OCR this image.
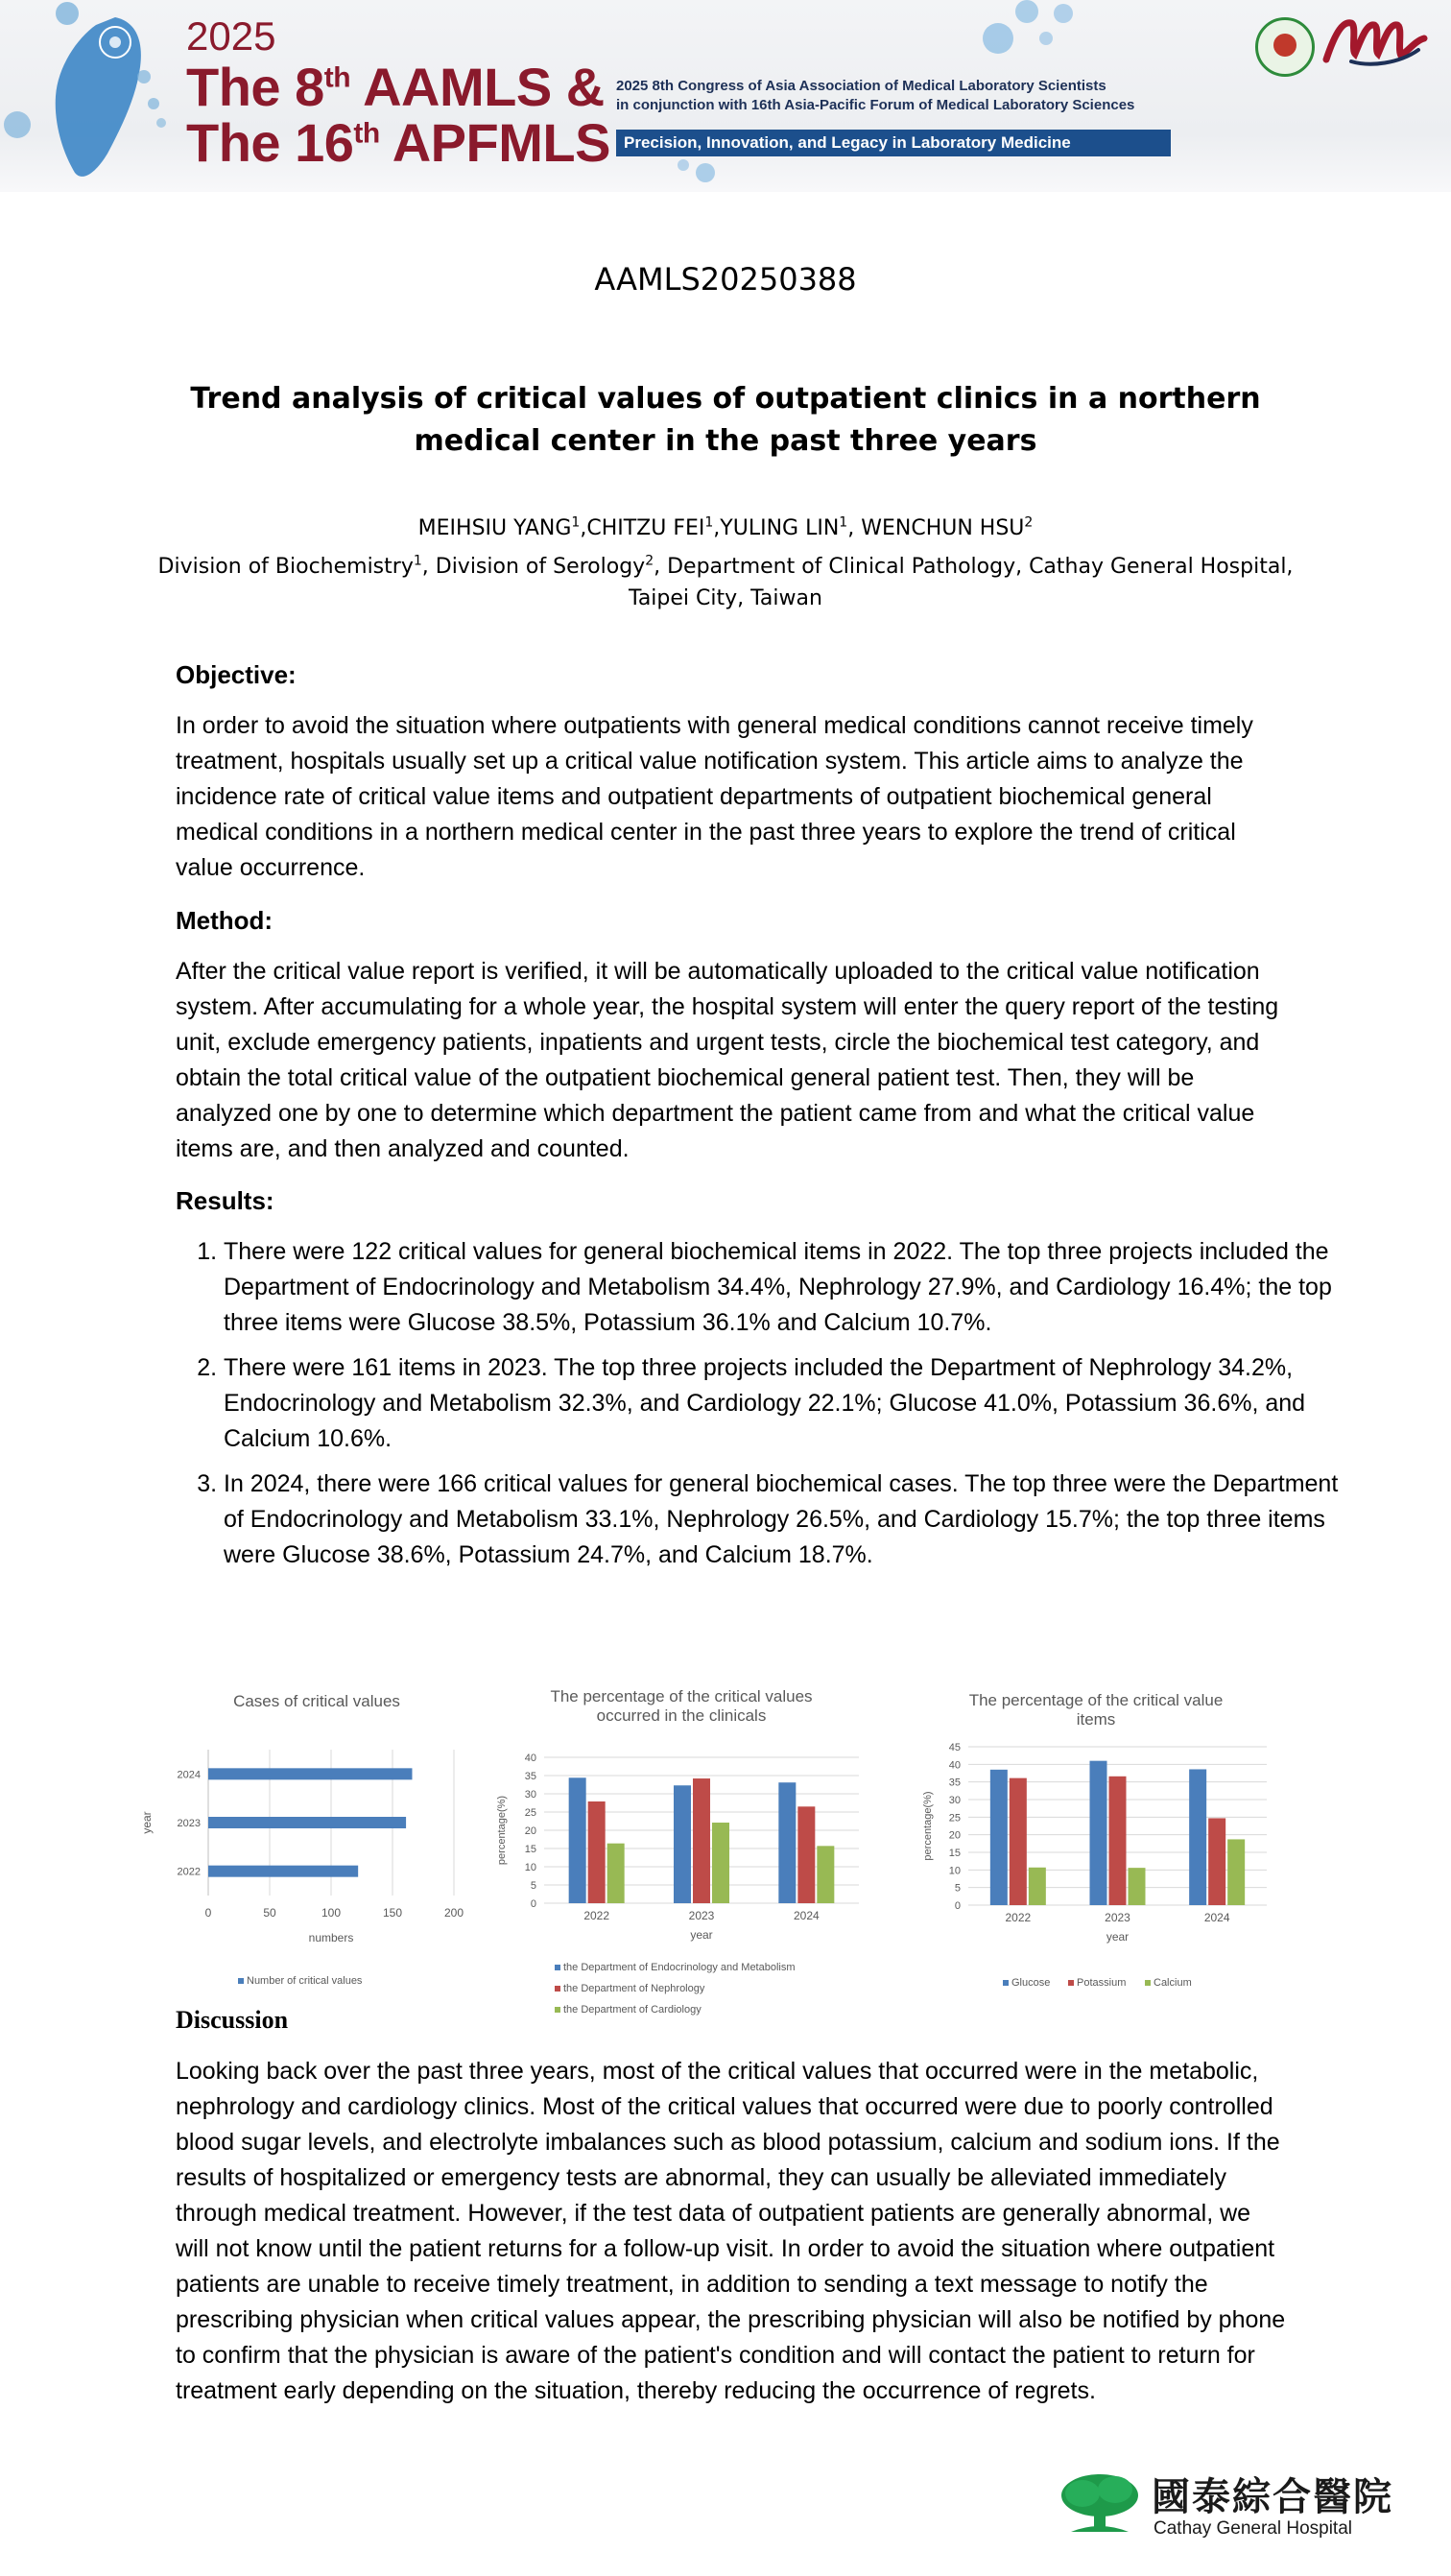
2025
The 8th AAMLS &
The 16th APFMLS
2025 8th Congress of Asia Association of Medical Laboratory Scientists
in conjunction with 16th Asia-Pacific Forum of Medical Laboratory Sciences
Precision, Innovation, and Legacy in Laboratory Medicine
AAMLS20250388
Trend analysis of critical values of outpatient clinics in a northern medical center in the past three years
MEIHSIU YANG$^1$,CHITZU FEI$^1$,YULING LIN$^1$, WENCHUN HSU$^2$
Division of Biochemistry$^1$, Division of Serology$^2$, Department of Clinical Pathology, Cathay General Hospital, Taipei City, Taiwan
Objective:
In order to avoid the situation where outpatients with general medical conditions cannot receive timely treatment, hospitals usually set up a critical value notification system. This article aims to analyze the incidence rate of critical value items and outpatient departments of outpatient biochemical general medical conditions in a northern medical center in the past three years to explore the trend of critical value occurrence.
Method:
After the critical value report is verified, it will be automatically uploaded to the critical value notification system. After accumulating for a whole year, the hospital system will enter the query report of the testing unit, exclude emergency patients, inpatients and urgent tests, circle the biochemical test category, and obtain the total critical value of the outpatient biochemical general patient test. Then, they will be analyzed one by one to determine which department the patient came from and what the critical value items are, and then analyzed and counted.
Results:
1. There were 122 critical values for general biochemical items in 2022. The top three projects included the Department of Endocrinology and Metabolism 34.4%, Nephrology 27.9%, and Cardiology 16.4%; the top three items were Glucose 38.5%, Potassium 36.1% and Calcium 10.7%.
2. There were 161 items in 2023. The top three projects included the Department of Nephrology 34.2%, Endocrinology and Metabolism 32.3%, and Cardiology 22.1%; Glucose 41.0%, Potassium 36.6%, and Calcium 10.6%.
3. In 2024, there were 166 critical values for general biochemical cases. The top three were the Department of Endocrinology and Metabolism 33.1%, Nephrology 26.5%, and Cardiology 15.7%; the top three items were Glucose 38.6%, Potassium 24.7%, and Calcium 18.7%.
Cases of critical values
0	50	100	150	200
2024
2023
2022
numbers
year
Number of critical values
The percentage of the critical values
occurred in the clinicals
0
5
10
15
20
25
30
35
40
2022	2023	2024
year
percentage(%)
the Department of Endocrinology and Metabolism
the Department of Nephrology
the Department of Cardiology
The percentage of the critical value
items
0
5
10
15
20
25
30
35
40
45
2022	2023	2024
year
percentage(%)
Glucose	Potassium	Calcium
Discussion
Looking back over the past three years, most of the critical values that occurred were in the metabolic, nephrology and cardiology clinics. Most of the critical values that occurred were due to poorly controlled blood sugar levels, and electrolyte imbalances such as blood potassium, calcium and sodium ions. If the results of hospitalized or emergency tests are abnormal, they can usually be alleviated immediately through medical treatment. However, if the test data of outpatient patients are generally abnormal, we will not know until the patient returns for a follow-up visit. In order to avoid the situation where outpatient patients are unable to receive timely treatment, in addition to sending a text message to notify the prescribing physician when critical values appear, the prescribing physician will also be notified by phone to confirm that the physician is aware of the patient's condition and will contact the patient to return for treatment early depending on the situation, thereby reducing the occurrence of regrets.
國泰綜合醫院
Cathay General Hospital
